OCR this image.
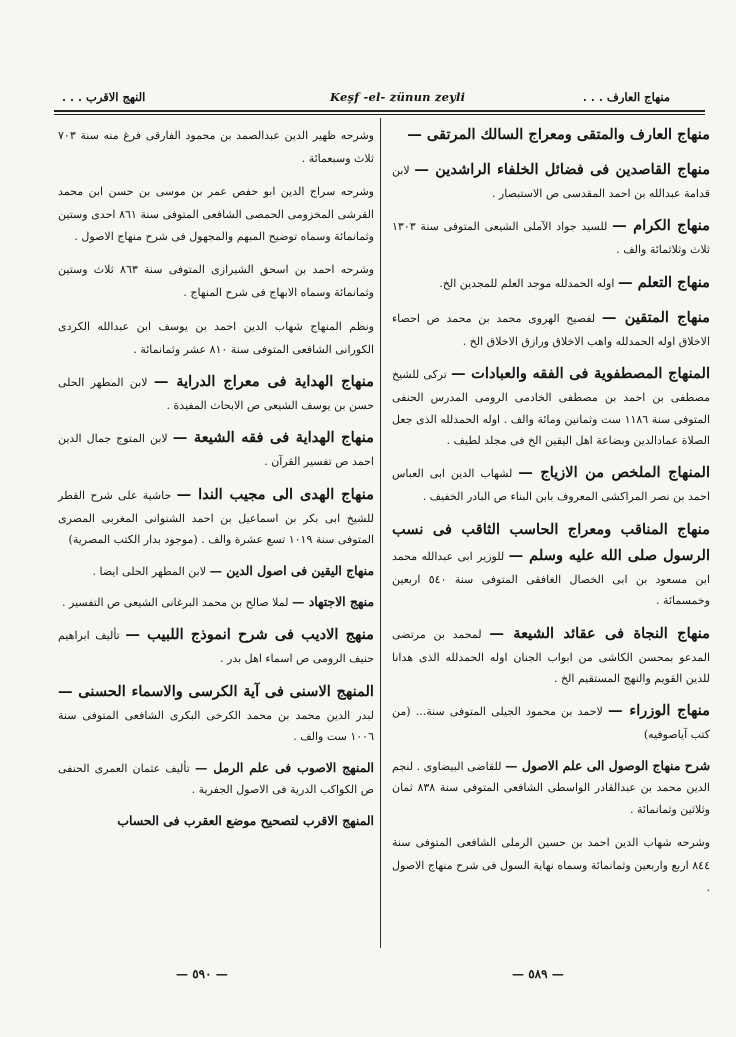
منهاج العارف . . .
Keşf -el- zünun zeyli
النهج الاقرب . . .
منهاج العارف والمتقى ومعراج السالك المرتقى —
منهاج القاصدين فى فضائل الخلفاء الراشدين — لابن قدامة عبدالله بن احمد المقدسى ص الاستبصار .
منهاج الكرام — للسيد جواد الآملى الشيعى المتوفى سنة ١٣٠٣ ثلاث وثلاثمائة والف .
منهاج التعلم — اوله الحمدلله موجد العلم للمجدين الخ.
منهاج المتقين — لفصيح الهروى محمد بن محمد ص احصاء الاخلاق اوله الحمدلله واهب الاخلاق ورازق الاخلاق الخ .
المنهاج المصطفوية فى الفقه والعبادات — تركى للشيخ مصطفى بن احمد بن مصطفى الخادمى الرومى المدرس الحنفى المتوفى سنة ١١٨٦ ست وثمانين ومائة والف . اوله الحمدلله الذى جعل الصلاة عمادالدين وبضاعة اهل اليقين الخ فى مجلد لطيف .
المنهاج الملخص من الازياج — لشهاب الدين ابى العباس احمد بن نصر المراكشى المعروف بابن البناء ص البادر الخفيف .
منهاج المناقب ومعراج الحاسب الثاقب فى نسب الرسول صلى الله عليه وسلم — للوزير ابى عبدالله محمد ابن مسعود بن ابى الخصال الغافقى المتوفى سنة ٥٤٠ اربعين وخمسمائة .
منهاج النجاة فى عقائد الشيعة — لمحمد بن مرتضى المدعو بمحسن الكاشى من ابواب الجنان اوله الحمدلله الذى هدانا للدين القويم والنهج المستقيم الخ .
منهاج الوزراء — لاحمد بن محمود الجيلى المتوفى سنة... (من كتب آياصوفيه)
شرح منهاج الوصول الى علم الاصول — للقاضى البيضاوى . لنجم الدين محمد بن عبدالقادر الواسطى الشافعى المتوفى سنة ٨٣٨ ثمان وثلاثين وثمانمائة .
وشرحه شهاب الدين احمد بن حسين الرملى الشافعى المتوفى سنة ٨٤٤ اربع واربعين وثمانمائة وسماه نهاية السول فى شرح منهاج الاصول .
وشرحه ظهير الدين عبدالصمد بن محمود الفارقى فرغ منه سنة ٧٠٣ ثلاث وسبعمائة .
وشرحه سراج الدين ابو حفص عمر بن موسى بن حسن ابن محمد القرشى المخزومى الحمصى الشافعى المتوفى سنة ٨٦١ احدى وستين وثمانمائة وسماه توضيح المبهم والمجهول فى شرح منهاج الاصول .
وشرحه احمد بن اسحق الشيرازى المتوفى سنة ٨٦٣ ثلاث وستين وثمانمائة وسماه الابهاج فى شرح المنهاج .
ونظم المنهاج شهاب الدين احمد بن يوسف ابن عبدالله الكردى الكورانى الشافعى المتوفى سنة ٨١٠ عشر وثمانمائة .
منهاج الهداية فى معراج الدراية — لابن المطهر الحلى حسن بن يوسف الشيعى ص الابحاث المفيدة .
منهاج الهداية فى فقه الشيعة — لابن المتوج جمال الدين احمد ص تفسير القرآن .
منهاج الهدى الى مجيب الندا — حاشية على شرح القطر للشيخ ابى بكر بن اسماعيل بن احمد الشنوانى المغربى المصرى المتوفى سنة ١٠١٩ تسع عشرة والف . (موجود بدار الكتب المصرية)
منهاج اليقين فى اصول الدين — لابن المطهر الحلى ايضا .
منهج الاجتهاد — لملا صالح بن محمد البرغانى الشيعى ص التفسير .
منهج الاديب فى شرح انموذج اللبيب — تأليف ابراهيم حنيف الرومى ص اسماء اهل بدر .
المنهج الاسنى فى آية الكرسى والاسماء الحسنى — لبدر الدين محمد بن محمد الكرخى البكرى الشافعى المتوفى سنة ١٠٠٦ ست والف .
المنهج الاصوب فى علم الرمل — تأليف عثمان العمرى الحنفى ص الكواكب الدرية فى الاصول الجفرية .
المنهج الاقرب لتصحيح موضع العقرب فى الحساب
— ٥٨٩ —
— ٥٩٠ —
